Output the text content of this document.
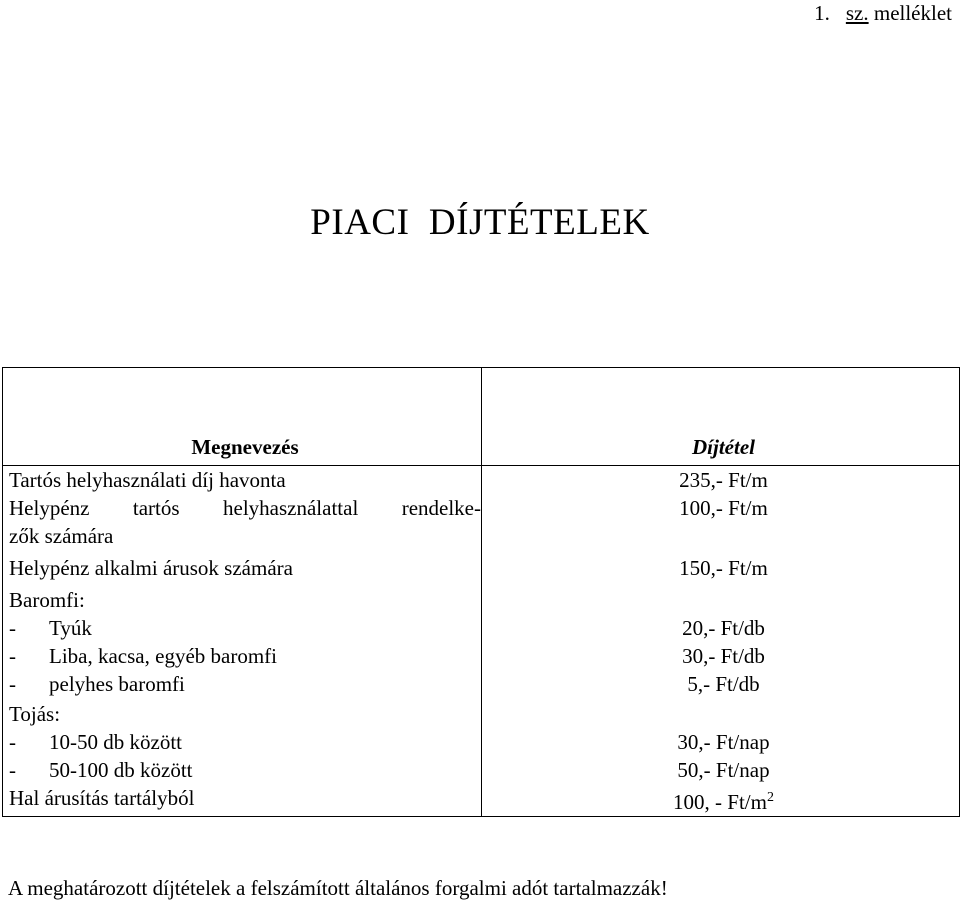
1. sz. melléklet
PIACI  DÍJTÉTELEK
Megnevezés	Díjtétel
Tartós helyhasználati díj havonta	235,- Ft/m

Helypénz tartós helyhasználattal rendelke-
zők számára	100,- Ft/m
Helypénz alkalmi árusok számára	150,- Ft/m
Baromfi:	
- Tyúk	20,- Ft/db
- Liba, kacsa, egyéb baromfi	30,- Ft/db
- pelyhes baromfi	5,- Ft/db
Tojás:	
- 10-50 db között	30,- Ft/nap
- 50-100 db között	50,- Ft/nap
Hal árusítás tartályból	100, - $Ft/m^2$
A meghatározott díjtételek a felszámított általános forgalmi adót tartalmazzák!
